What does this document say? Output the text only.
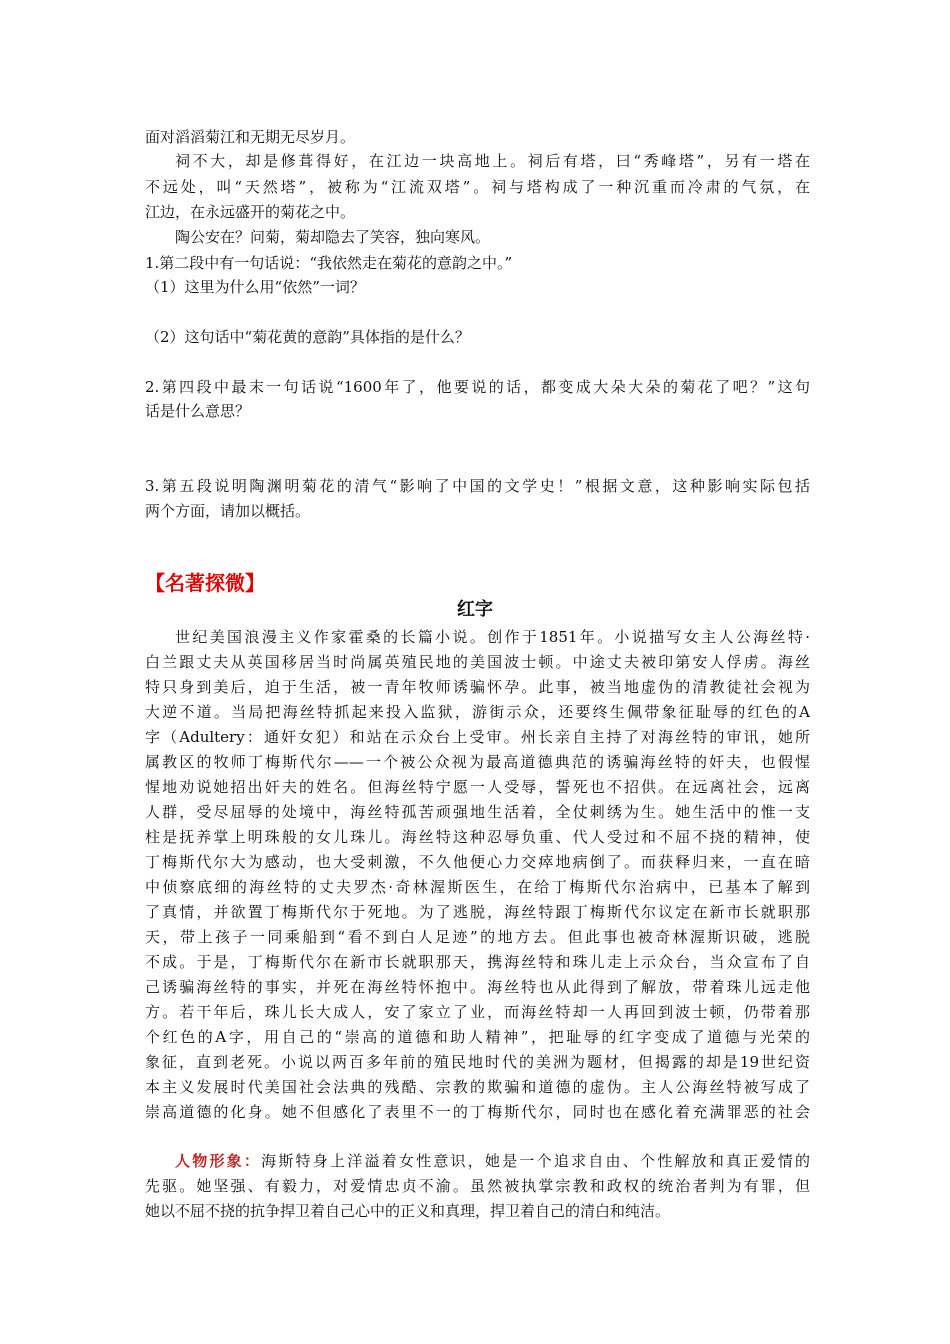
面对滔滔菊江和无期无尽岁月。
祠不大，却是修葺得好，在江边一块高地上。祠后有塔，曰“秀峰塔”，另有一塔在
不远处，叫“天然塔”，被称为“江流双塔”。祠与塔构成了一种沉重而冷肃的气氛，在
江边，在永远盛开的菊花之中。
陶公安在？问菊，菊却隐去了笑容，独向寒风。
1.第二段中有一句话说：“我依然走在菊花的意韵之中。”
（1）这里为什么用“依然”一词？
（2）这句话中“菊花黄的意韵”具体指的是什么？
2.第四段中最末一句话说“1600年了，他要说的话，都变成大朵大朵的菊花了吧？”这句
话是什么意思？
3.第五段说明陶渊明菊花的清气“影响了中国的文学史！”根据文意，这种影响实际包括
两个方面，请加以概括。
【名著探微】
红字
世纪美国浪漫主义作家霍桑的长篇小说。创作于1851年。小说描写女主人公海丝特·
白兰跟丈夫从英国移居当时尚属英殖民地的美国波士顿。中途丈夫被印第安人俘虏。海丝
特只身到美后，迫于生活，被一青年牧师诱骗怀孕。此事，被当地虚伪的清教徒社会视为
大逆不道。当局把海丝特抓起来投入监狱，游街示众，还要终生佩带象征耻辱的红色的A
字（Adultery：通奸女犯）和站在示众台上受审。州长亲自主持了对海丝特的审讯，她所
属教区的牧师丁梅斯代尔——一个被公众视为最高道德典范的诱骗海丝特的奸夫，也假惺
惺地劝说她招出奸夫的姓名。但海丝特宁愿一人受辱，誓死也不招供。在远离社会，远离
人群，受尽屈辱的处境中，海丝特孤苦顽强地生活着，全仗刺绣为生。她生活中的惟一支
柱是抚养掌上明珠般的女儿珠儿。海丝特这种忍辱负重、代人受过和不屈不挠的精神，使
丁梅斯代尔大为感动，也大受刺激，不久他便心力交瘁地病倒了。而获释归来，一直在暗
中侦察底细的海丝特的丈夫罗杰·奇林渥斯医生，在给丁梅斯代尔治病中，已基本了解到
了真情，并欲置丁梅斯代尔于死地。为了逃脱，海丝特跟丁梅斯代尔议定在新市长就职那
天，带上孩子一同乘船到“看不到白人足迹”的地方去。但此事也被奇林渥斯识破，逃脱
不成。于是，丁梅斯代尔在新市长就职那天，携海丝特和珠儿走上示众台，当众宣布了自
己诱骗海丝特的事实，并死在海丝特怀抱中。海丝特也从此得到了解放，带着珠儿远走他
方。若干年后，珠儿长大成人，安了家立了业，而海丝特却一人再回到波士顿，仍带着那
个红色的A字，用自己的“崇高的道德和助人精神”，把耻辱的红字变成了道德与光荣的
象征，直到老死。小说以两百多年前的殖民地时代的美洲为题材，但揭露的却是19世纪资
本主义发展时代美国社会法典的残酷、宗教的欺骗和道德的虚伪。主人公海丝特被写成了
崇高道德的化身。她不但感化了表里不一的丁梅斯代尔，同时也在感化着充满罪恶的社会
人物形象：海斯特身上洋溢着女性意识，她是一个追求自由、个性解放和真正爱情的
先驱。她坚强、有毅力，对爱情忠贞不渝。虽然被执掌宗教和政权的统治者判为有罪，但
她以不屈不挠的抗争捍卫着自己心中的正义和真理，捍卫着自己的清白和纯洁。
